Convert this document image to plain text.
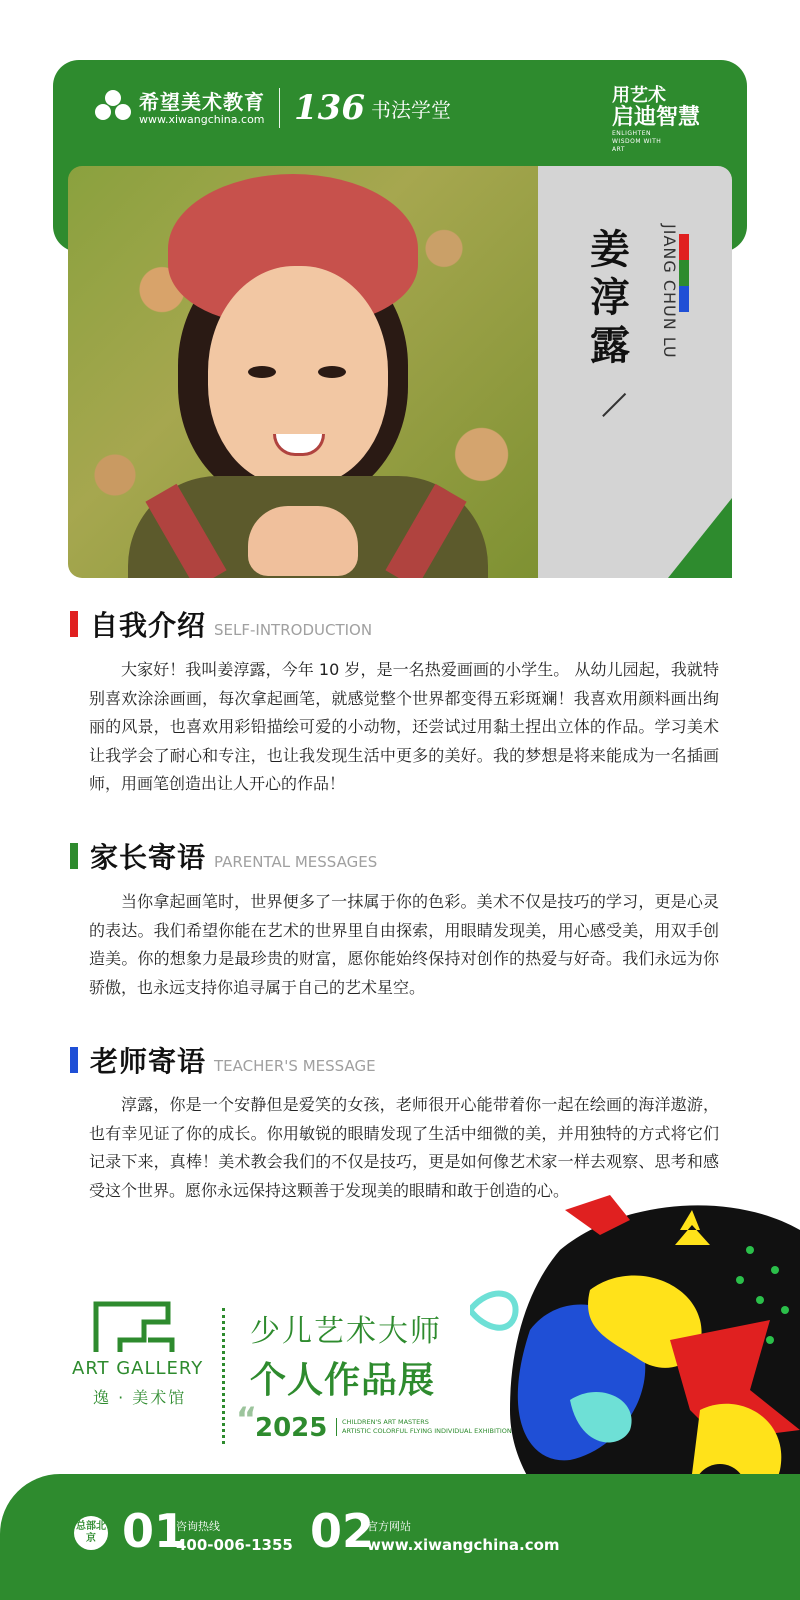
希望美术教育
www.xiwangchina.com 136 书法学堂
用艺术
启迪智慧
ENLIGHTEN WISDOM WITH ART
姜淳露 JIANG CHUN LU
自我介绍 SELF-INTRODUCTION
大家好！我叫姜淳露，今年 10 岁，是一名热爱画画的小学生。 从幼儿园起，我就特别喜欢涂涂画画，每次拿起画笔，就感觉整个世界都变得五彩斑斓！我喜欢用颜料画出绚丽的风景，也喜欢用彩铅描绘可爱的小动物，还尝试过用黏土捏出立体的作品。学习美术让我学会了耐心和专注，也让我发现生活中更多的美好。我的梦想是将来能成为一名插画师，用画笔创造出让人开心的作品！
家长寄语 PARENTAL MESSAGES
当你拿起画笔时，世界便多了一抹属于你的色彩。美术不仅是技巧的学习，更是心灵的表达。我们希望你能在艺术的世界里自由探索，用眼睛发现美，用心感受美，用双手创造美。你的想象力是最珍贵的财富，愿你能始终保持对创作的热爱与好奇。我们永远为你骄傲，也永远支持你追寻属于自己的艺术星空。
老师寄语 TEACHER'S MESSAGE
淳露，你是一个安静但是爱笑的女孩，老师很开心能带着你一起在绘画的海洋遨游，也有幸见证了你的成长。你用敏锐的眼睛发现了生活中细微的美，并用独特的方式将它们记录下来，真棒！美术教会我们的不仅是技巧，更是如何像艺术家一样去观察、思考和感受这个世界。愿你永远保持这颗善于发现美的眼睛和敢于创造的心。
ART GALLERY
逸 · 美术馆
少儿艺术大师
个人作品展
“
2025 CHILDREN'S ART MASTERS
ARTISTIC COLORFUL FLYING INDIVIDUAL EXHIBITION
总部北京 01
咨询热线
400-006-1355 02
官方网站
www.xiwangchina.com
